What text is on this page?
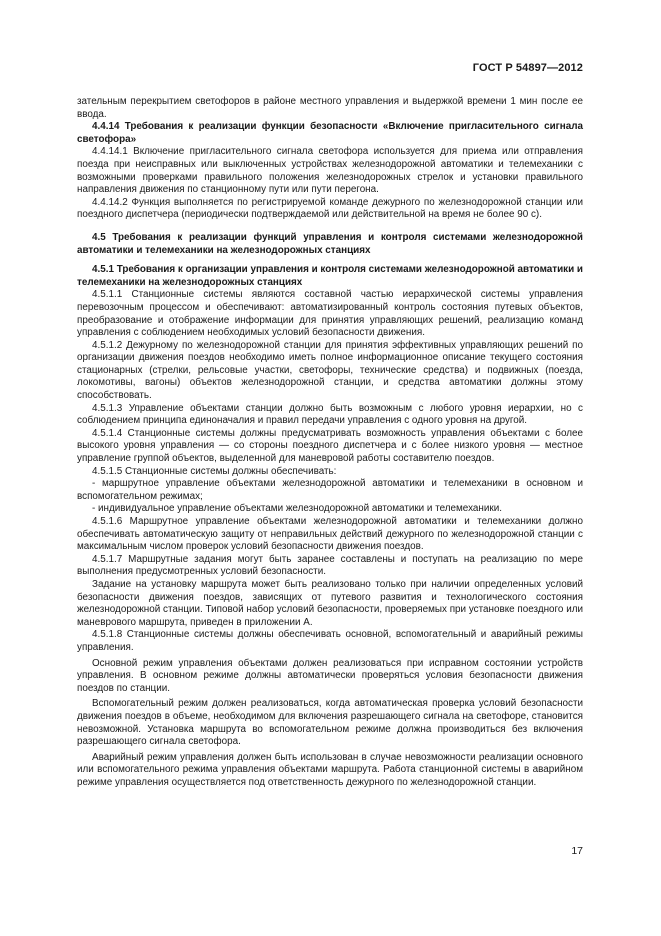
ГОСТ Р 54897—2012

зательным перекрытием светофоров в районе местного управления и выдержкой времени 1 мин после ее ввода.

4.4.14 Требования к реализации функции безопасности «Включение пригласительного сигнала светофора»

4.4.14.1 Включение пригласительного сигнала светофора используется для приема или отправления поезда при неисправных или выключенных устройствах железнодорожной автоматики и телемеханики с возможными проверками правильного положения железнодорожных стрелок и установки правильного направления движения по станционному пути или пути перегона.

4.4.14.2 Функция выполняется по регистрируемой команде дежурного по железнодорожной станции или поездного диспетчера (периодически подтверждаемой или действительной на время не более 90 с).

4.5 Требования к реализации функций управления и контроля системами железнодорожной автоматики и телемеханики на железнодорожных станциях

4.5.1 Требования к организации управления и контроля системами железнодорожной автоматики и телемеханики на железнодорожных станциях

4.5.1.1 Станционные системы являются составной частью иерархической системы управления перевозочным процессом и обеспечивают: автоматизированный контроль состояния путевых объектов, преобразование и отображение информации для принятия управляющих решений, реализацию команд управления с соблюдением необходимых условий безопасности движения.

4.5.1.2 Дежурному по железнодорожной станции для принятия эффективных управляющих решений по организации движения поездов необходимо иметь полное информационное описание текущего состояния стационарных (стрелки, рельсовые участки, светофоры, технические средства) и подвижных (поезда, локомотивы, вагоны) объектов железнодорожной станции, и средства автоматики должны этому способствовать.

4.5.1.3 Управление объектами станции должно быть возможным с любого уровня иерархии, но с соблюдением принципа единоначалия и правил передачи управления с одного уровня на другой.

4.5.1.4 Станционные системы должны предусматривать возможность управления объектами с более высокого уровня управления — со стороны поездного диспетчера и с более низкого уровня — местное управление группой объектов, выделенной для маневровой работы составителю поездов.

4.5.1.5 Станционные системы должны обеспечивать:

- маршрутное управление объектами железнодорожной автоматики и телемеханики в основном и вспомогательном режимах;

- индивидуальное управление объектами железнодорожной автоматики и телемеханики.

4.5.1.6 Маршрутное управление объектами железнодорожной автоматики и телемеханики должно обеспечивать автоматическую защиту от неправильных действий дежурного по железнодорожной станции с максимальным числом проверок условий безопасности движения поездов.

4.5.1.7 Маршрутные задания могут быть заранее составлены и поступать на реализацию по мере выполнения предусмотренных условий безопасности.

Задание на установку маршрута может быть реализовано только при наличии определенных условий безопасности движения поездов, зависящих от путевого развития и технологического состояния железнодорожной станции. Типовой набор условий безопасности, проверяемых при установке поездного или маневрового маршрута, приведен в приложении А.

4.5.1.8 Станционные системы должны обеспечивать основной, вспомогательный и аварийный режимы управления.

Основной режим управления объектами должен реализоваться при исправном состоянии устройств управления. В основном режиме должны автоматически проверяться условия безопасности движения поездов по станции.

Вспомогательный режим должен реализоваться, когда автоматическая проверка условий безопасности движения поездов в объеме, необходимом для включения разрешающего сигнала на светофоре, становится невозможной. Установка маршрута во вспомогательном режиме должна производиться без включения разрешающего сигнала светофора.

Аварийный режим управления должен быть использован в случае невозможности реализации основного или вспомогательного режима управления объектами маршрута. Работа станционной системы в аварийном режиме управления осуществляется под ответственность дежурного по железнодорожной станции.

17
